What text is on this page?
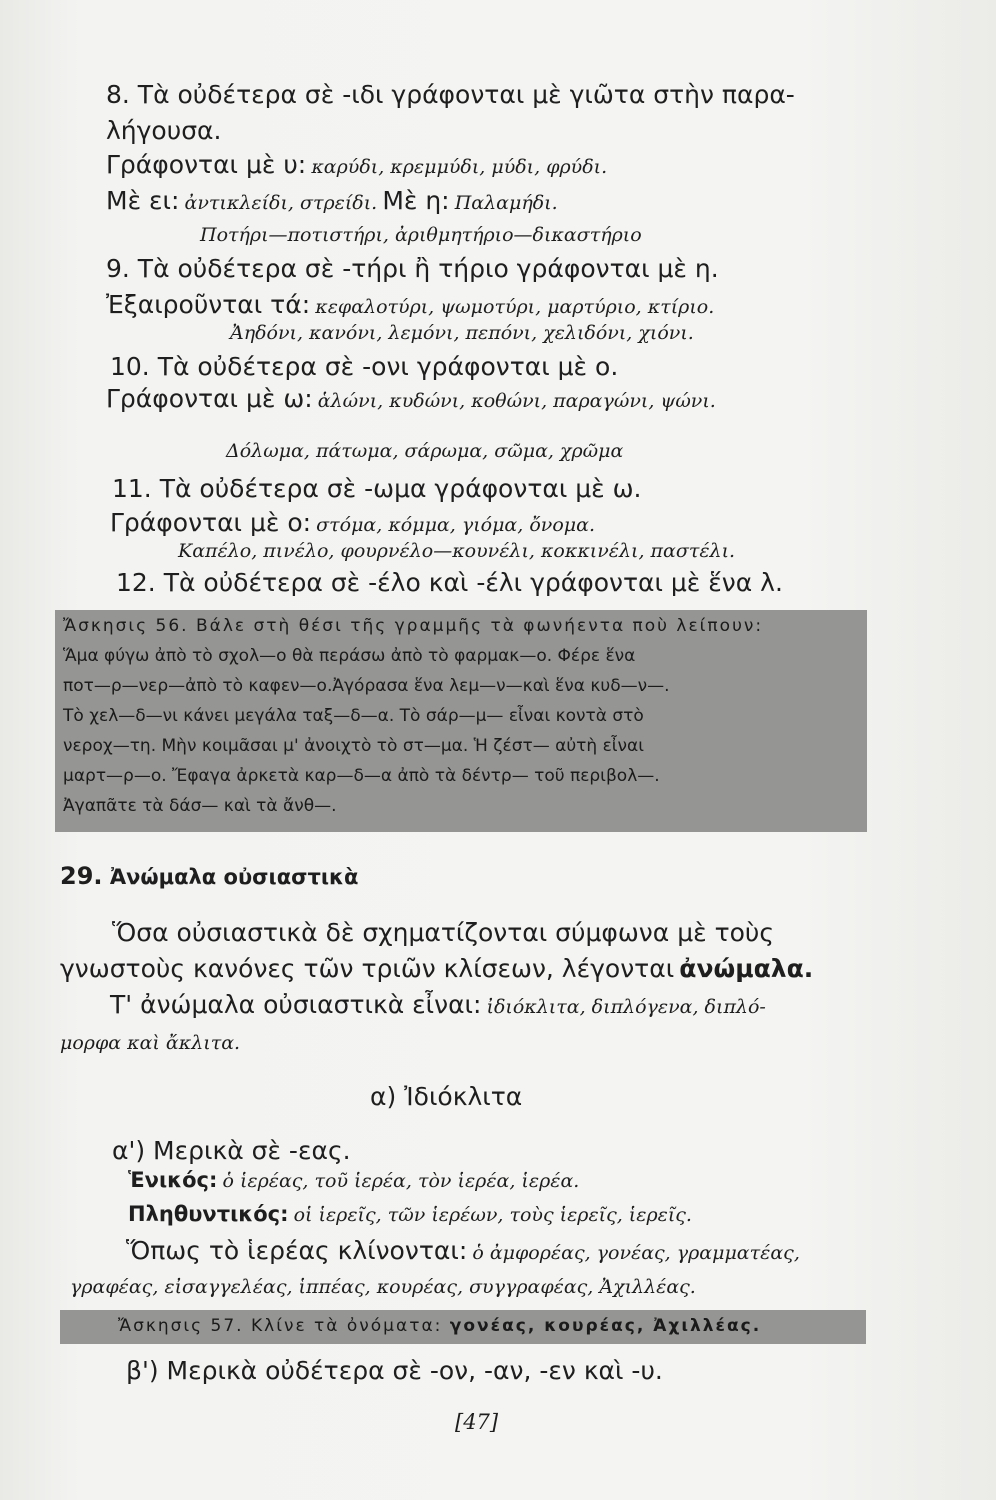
8. Τὰ οὐδέτερα σὲ -ιδι γράφονται μὲ γιῶτα στὴν παρα-
λήγουσα.
Γράφονται μὲ υ: καρύδι, κρεμμύδι, μύδι, φρύδι.
Μὲ ει: ἀντικλείδι, στρείδι. Μὲ η: Παλαμήδι.
Ποτήρι—ποτιστήρι, ἀριθμητήριο—δικαστήριο
9. Τὰ οὐδέτερα σὲ -τήρι ἢ τήριο γράφονται μὲ η.
Ἐξαιροῦνται τά: κεφαλοτύρι, ψωμοτύρι, μαρτύριο, κτίριο.
Ἀηδόνι, κανόνι, λεμόνι, πεπόνι, χελιδόνι, χιόνι.
10. Τὰ οὐδέτερα σὲ -ονι γράφονται μὲ ο.
Γράφονται μὲ ω: ἁλώνι, κυδώνι, κοθώνι, παραγώνι, ψώνι.
Δόλωμα, πάτωμα, σάρωμα, σῶμα, χρῶμα
11. Τὰ οὐδέτερα σὲ -ωμα γράφονται μὲ ω.
Γράφονται μὲ ο: στόμα, κόμμα, γιόμα, ὄνομα.
Καπέλο, πινέλο, φουρνέλο—κουνέλι, κοκκινέλι, παστέλι.
12. Τὰ οὐδέτερα σὲ -έλο καὶ -έλι γράφονται μὲ ἕνα λ.
Ἄσκησις 56. Βάλε στὴ θέσι τῆς γραμμῆς τὰ φωνήεντα ποὺ λείπουν:
Ἅμα φύγω ἀπὸ τὸ σχολ—ο θὰ περάσω ἀπὸ τὸ φαρμακ—ο. Φέρε ἕνα
ποτ—ρ—νερ—ἀπὸ τὸ καφεν—ο.Ἀγόρασα ἕνα λεμ—ν—καὶ ἕνα κυδ—ν—.
Τὸ χελ—δ—νι κάνει μεγάλα ταξ—δ—α. Τὸ σάρ—μ— εἶναι κοντὰ στὸ
νεροχ—τη. Μὴν κοιμᾶσαι μ' ἀνοιχτὸ τὸ στ—μα. Ἡ ζέστ— αὐτὴ εἶναι
μαρτ—ρ—ο. Ἔφαγα ἀρκετὰ καρ—δ—α ἀπὸ τὰ δέντρ— τοῦ περιβολ—.
Ἀγαπᾶτε τὰ δάσ— καὶ τὰ ἄνθ—.
29. Ἀνώμαλα οὐσιαστικὰ
Ὅσα οὐσιαστικὰ δὲ σχηματίζονται σύμφωνα μὲ τοὺς
γνωστοὺς κανόνες τῶν τριῶν κλίσεων, λέγονται ἀνώμαλα.
Τ' ἀνώμαλα οὐσιαστικὰ εἶναι: ἰδιόκλιτα, διπλόγενα, διπλό-
μορφα καὶ ἄκλιτα.
α) Ἰδιόκλιτα
α') Μερικὰ σὲ -εας.
Ἑνικός: ὁ ἱερέας, τοῦ ἱερέα, τὸν ἱερέα, ἱερέα.
Πληθυντικός: οἱ ἱερεῖς, τῶν ἱερέων, τοὺς ἱερεῖς, ἱερεῖς.
Ὅπως τὸ ἱερέας κλίνονται: ὁ ἀμφορέας, γονέας, γραμματέας,
γραφέας, εἰσαγγελέας, ἱππέας, κουρέας, συγγραφέας, Ἀχιλλέας.
Ἄσκησις 57. Κλίνε τὰ ὀνόματα: γονέας, κουρέας, Ἀχιλλέας.
β') Μερικὰ οὐδέτερα σὲ -ον, -αν, -εν καὶ -υ.
[47]
